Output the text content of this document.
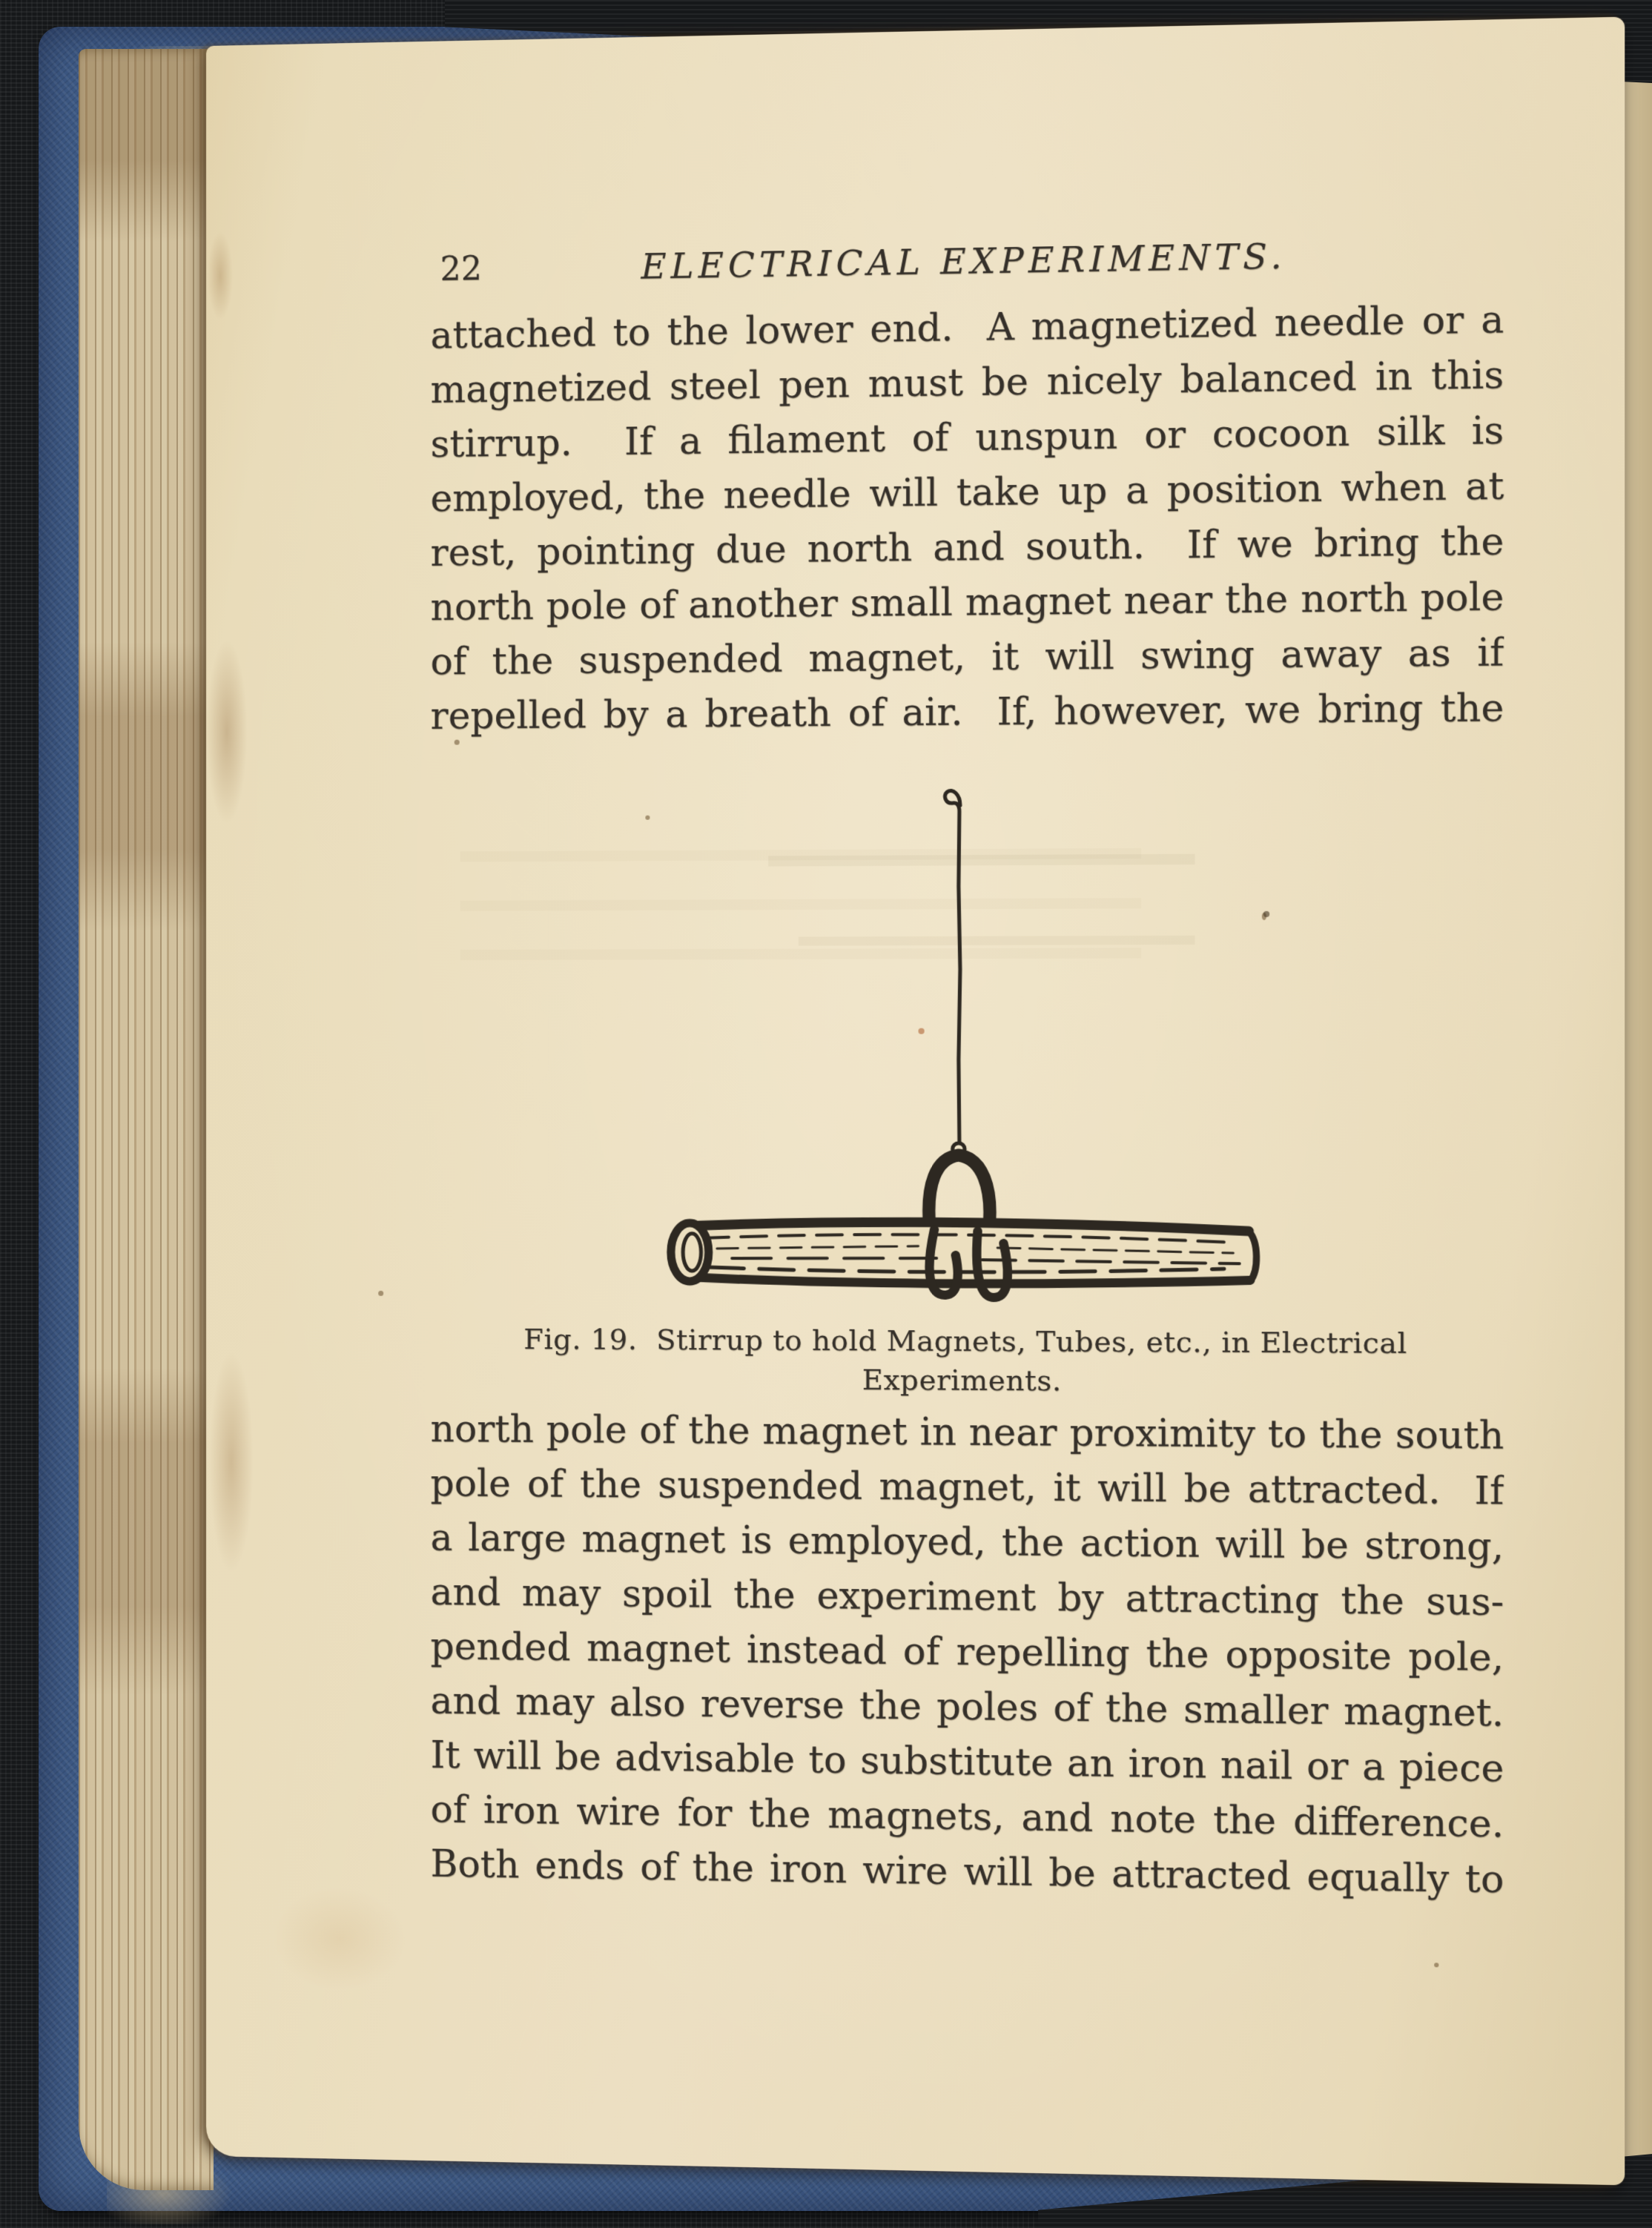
22	ELECTRICAL EXPERIMENTS.
attached to the lower end.  A magnetized needle or a
magnetized steel pen must be nicely balanced in this
stirrup.  If a filament of unspun or cocoon silk is
employed, the needle will take up a position when at
rest, pointing due north and south.  If we bring the
north pole of another small magnet near the north pole
of the suspended magnet, it will swing away as if
repelled by a breath of air.  If, however, we bring the
Fig. 19.  Stirrup to hold Magnets, Tubes, etc., in Electrical Experiments.
north pole of the magnet in near proximity to the south
pole of the suspended magnet, it will be attracted.  If
a large magnet is employed, the action will be strong,
and may spoil the experiment by attracting the sus-
pended magnet instead of repelling the opposite pole,
and may also reverse the poles of the smaller magnet.
It will be advisable to substitute an iron nail or a piece
of iron wire for the magnets, and note the difference.
Both ends of the iron wire will be attracted equally to
